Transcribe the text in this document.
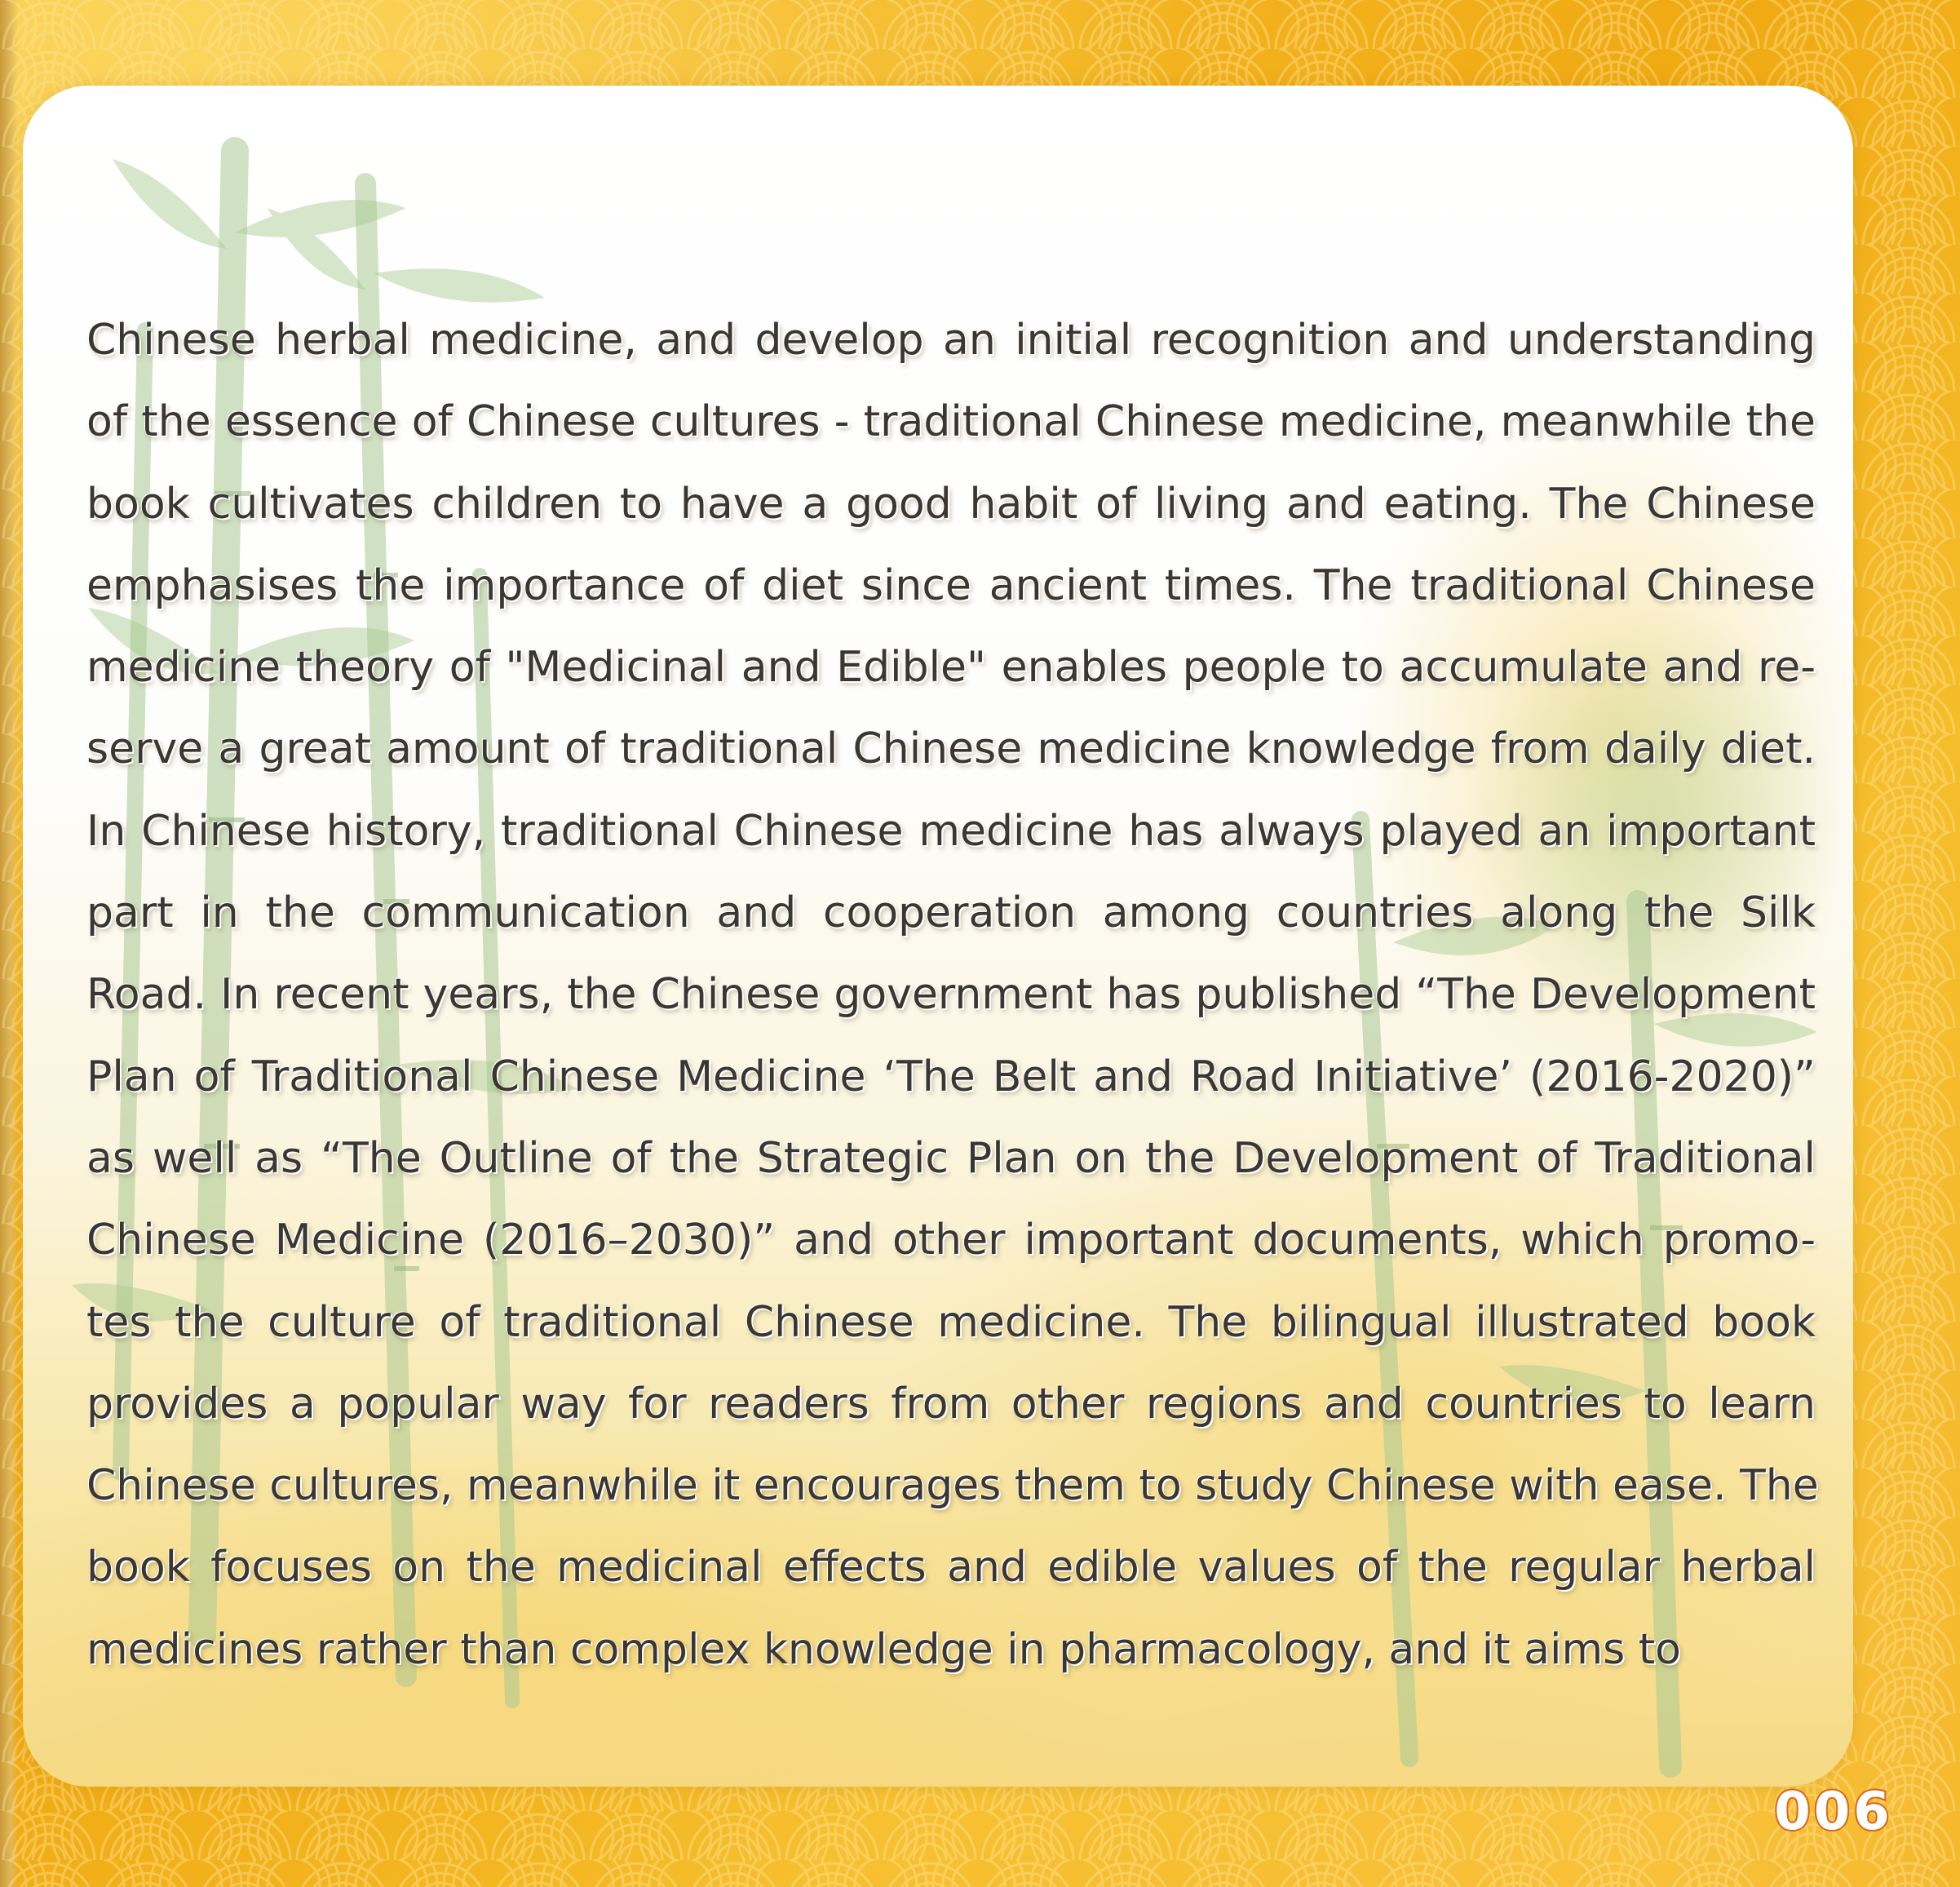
Chinese herbal medicine, and develop an initial recognition and understanding
of the essence of Chinese cultures - traditional Chinese medicine, meanwhile the
book cultivates children to have a good habit of living and eating. The Chinese
emphasises the importance of diet since ancient times. The traditional Chinese
medicine theory of "Medicinal and Edible" enables people to accumulate and re-
serve a great amount of traditional Chinese medicine knowledge from daily diet.
In Chinese history, traditional Chinese medicine has always played an important
part in the communication and cooperation among countries along the Silk
Road. In recent years, the Chinese government has published “The Development
Plan of Traditional Chinese Medicine ‘The Belt and Road Initiative’ (2016-2020)”
as well as “The Outline of the Strategic Plan on the Development of Traditional
Chinese Medicine (2016–2030)” and other important documents, which promo-
tes the culture of traditional Chinese medicine. The bilingual illustrated book
provides a popular way for readers from other regions and countries to learn
Chinese cultures, meanwhile it encourages them to study Chinese with ease. The
book focuses on the medicinal effects and edible values of the regular herbal
medicines rather than complex knowledge in pharmacology, and it aims to
006
